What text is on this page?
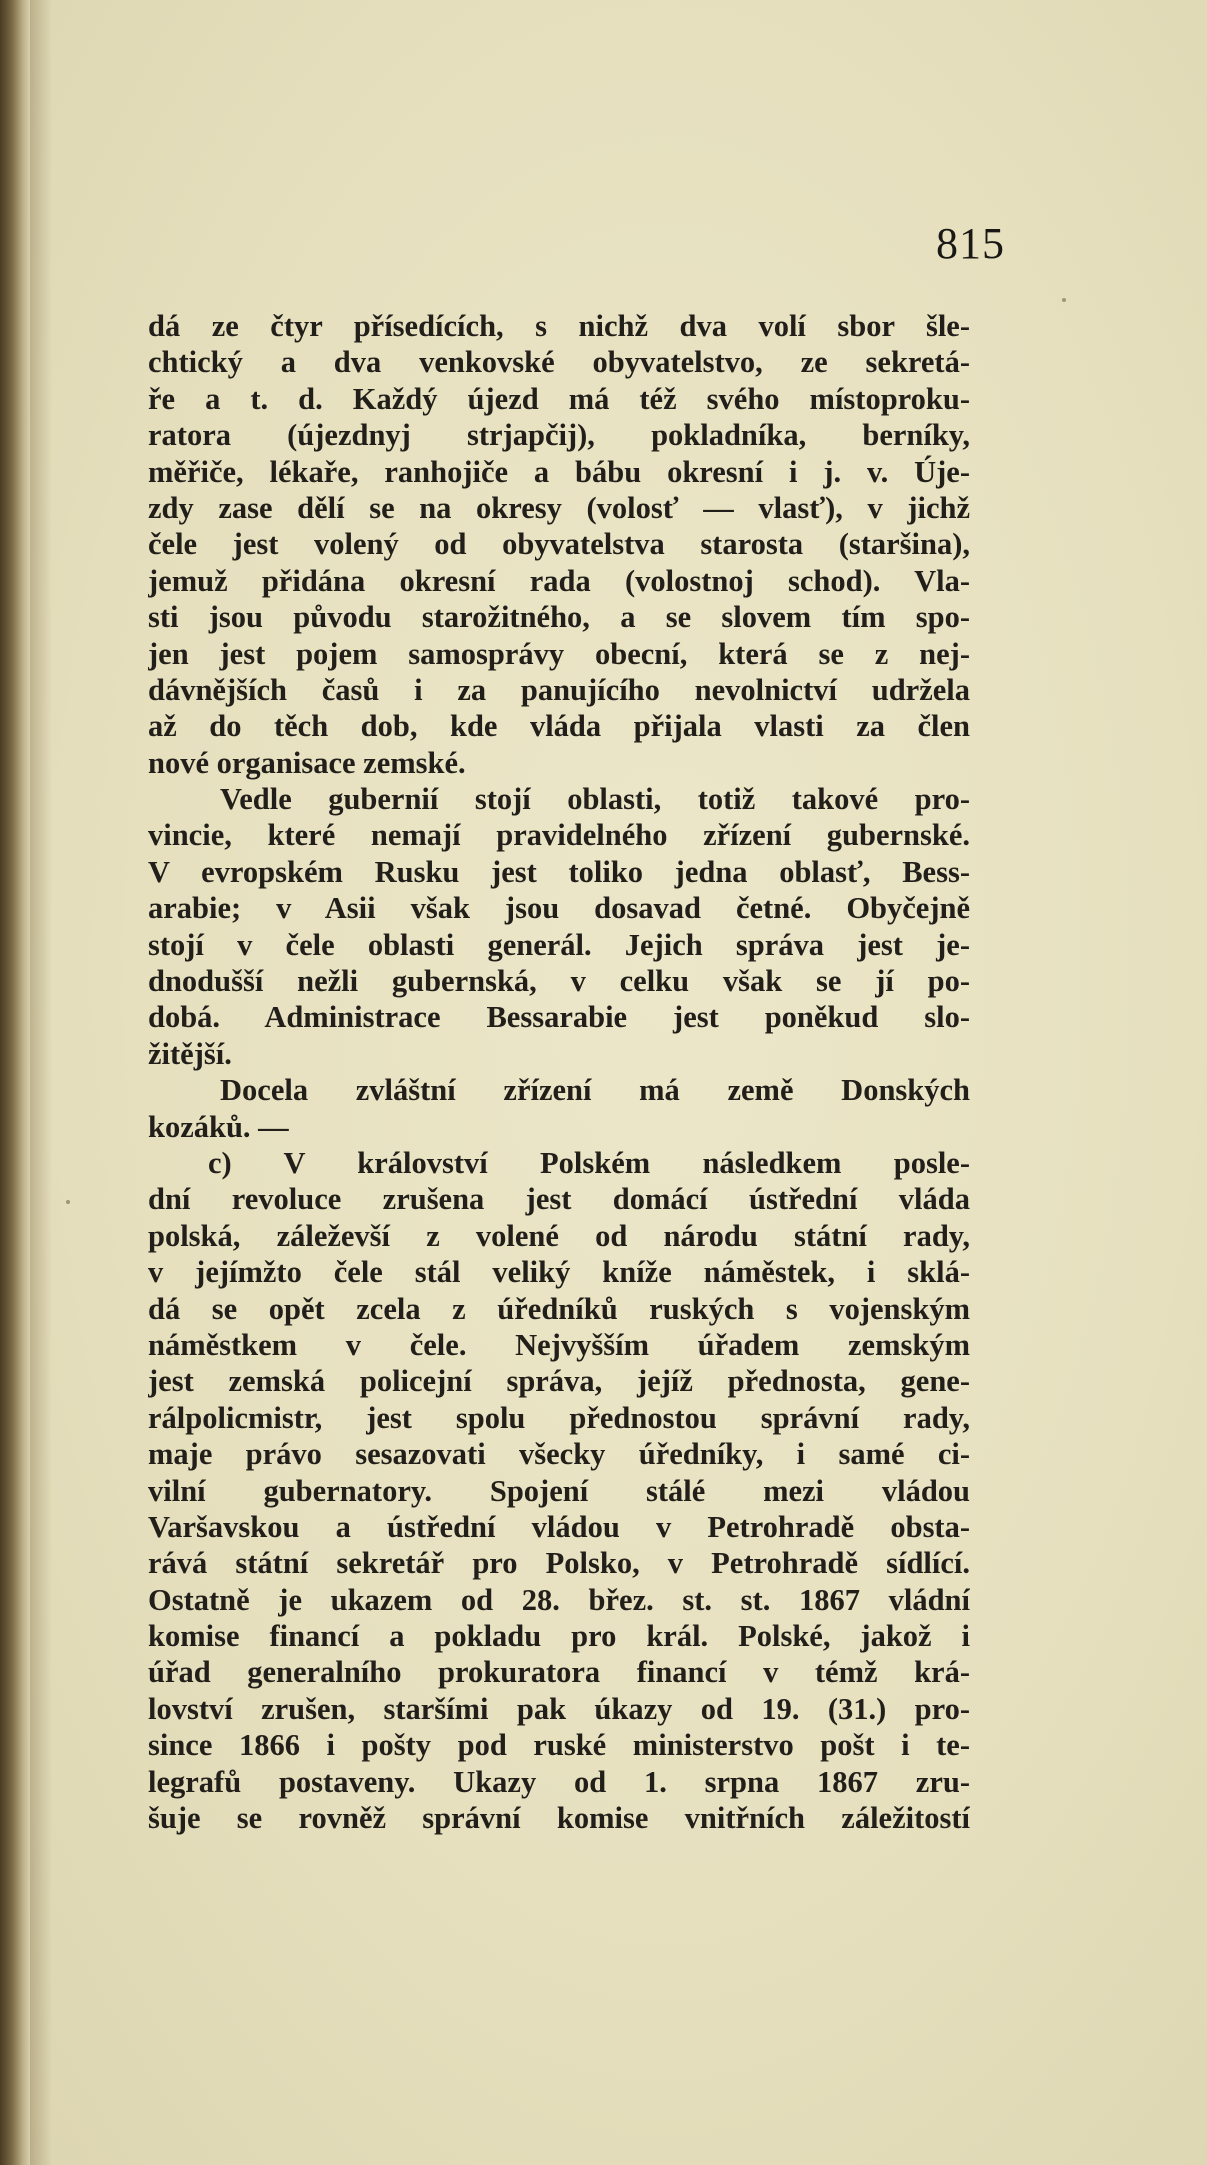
815
dá ze čtyr přísedících, s nichž dva volí sbor šle-
chtický a dva venkovské obyvatelstvo, ze sekretá-
ře a t. d. Každý újezd má též svého místoproku-
ratora (újezdnyj strjapčij), pokladníka, berníky,
měřiče, lékaře, ranhojiče a bábu okresní i j. v. Úje-
zdy zase dělí se na okresy (volosť — vlasť), v jichž
čele jest volený od obyvatelstva starosta (staršina),
jemuž přidána okresní rada (volostnoj schod). Vla-
sti jsou původu starožitného, a se slovem tím spo-
jen jest pojem samosprávy obecní, která se z nej-
dávnějších časů i za panujícího nevolnictví udržela
až do těch dob, kde vláda přijala vlasti za člen
nové organisace zemské.
Vedle gubernií stojí oblasti, totiž takové pro-
vincie, které nemají pravidelného zřízení gubernské.
V evropském Rusku jest toliko jedna oblasť, Bess-
arabie; v Asii však jsou dosavad četné. Obyčejně
stojí v čele oblasti generál. Jejich správa jest je-
dnodušší nežli gubernská, v celku však se jí po-
dobá. Administrace Bessarabie jest poněkud slo-
žitější.
Docela zvláštní zřízení má země Donských
kozáků. —
c) V království Polském následkem posle-
dní revoluce zrušena jest domácí ústřední vláda
polská, záleževší z volené od národu státní rady,
v jejímžto čele stál veliký kníže náměstek, i sklá-
dá se opět zcela z úředníků ruských s vojenským
náměstkem v čele. Nejvyšším úřadem zemským
jest zemská policejní správa, jejíž přednosta, gene-
rálpolicmistr, jest spolu přednostou správní rady,
maje právo sesazovati všecky úředníky, i samé ci-
vilní gubernatory. Spojení stálé mezi vládou
Varšavskou a ústřední vládou v Petrohradě obsta-
rává státní sekretář pro Polsko, v Petrohradě sídlící.
Ostatně je ukazem od 28. břez. st. st. 1867 vládní
komise financí a pokladu pro král. Polské, jakož i
úřad generalního prokuratora financí v témž krá-
lovství zrušen, staršími pak úkazy od 19. (31.) pro-
since 1866 i pošty pod ruské ministerstvo pošt i te-
legrafů postaveny. Ukazy od 1. srpna 1867 zru-
šuje se rovněž správní komise vnitřních záležitostí
